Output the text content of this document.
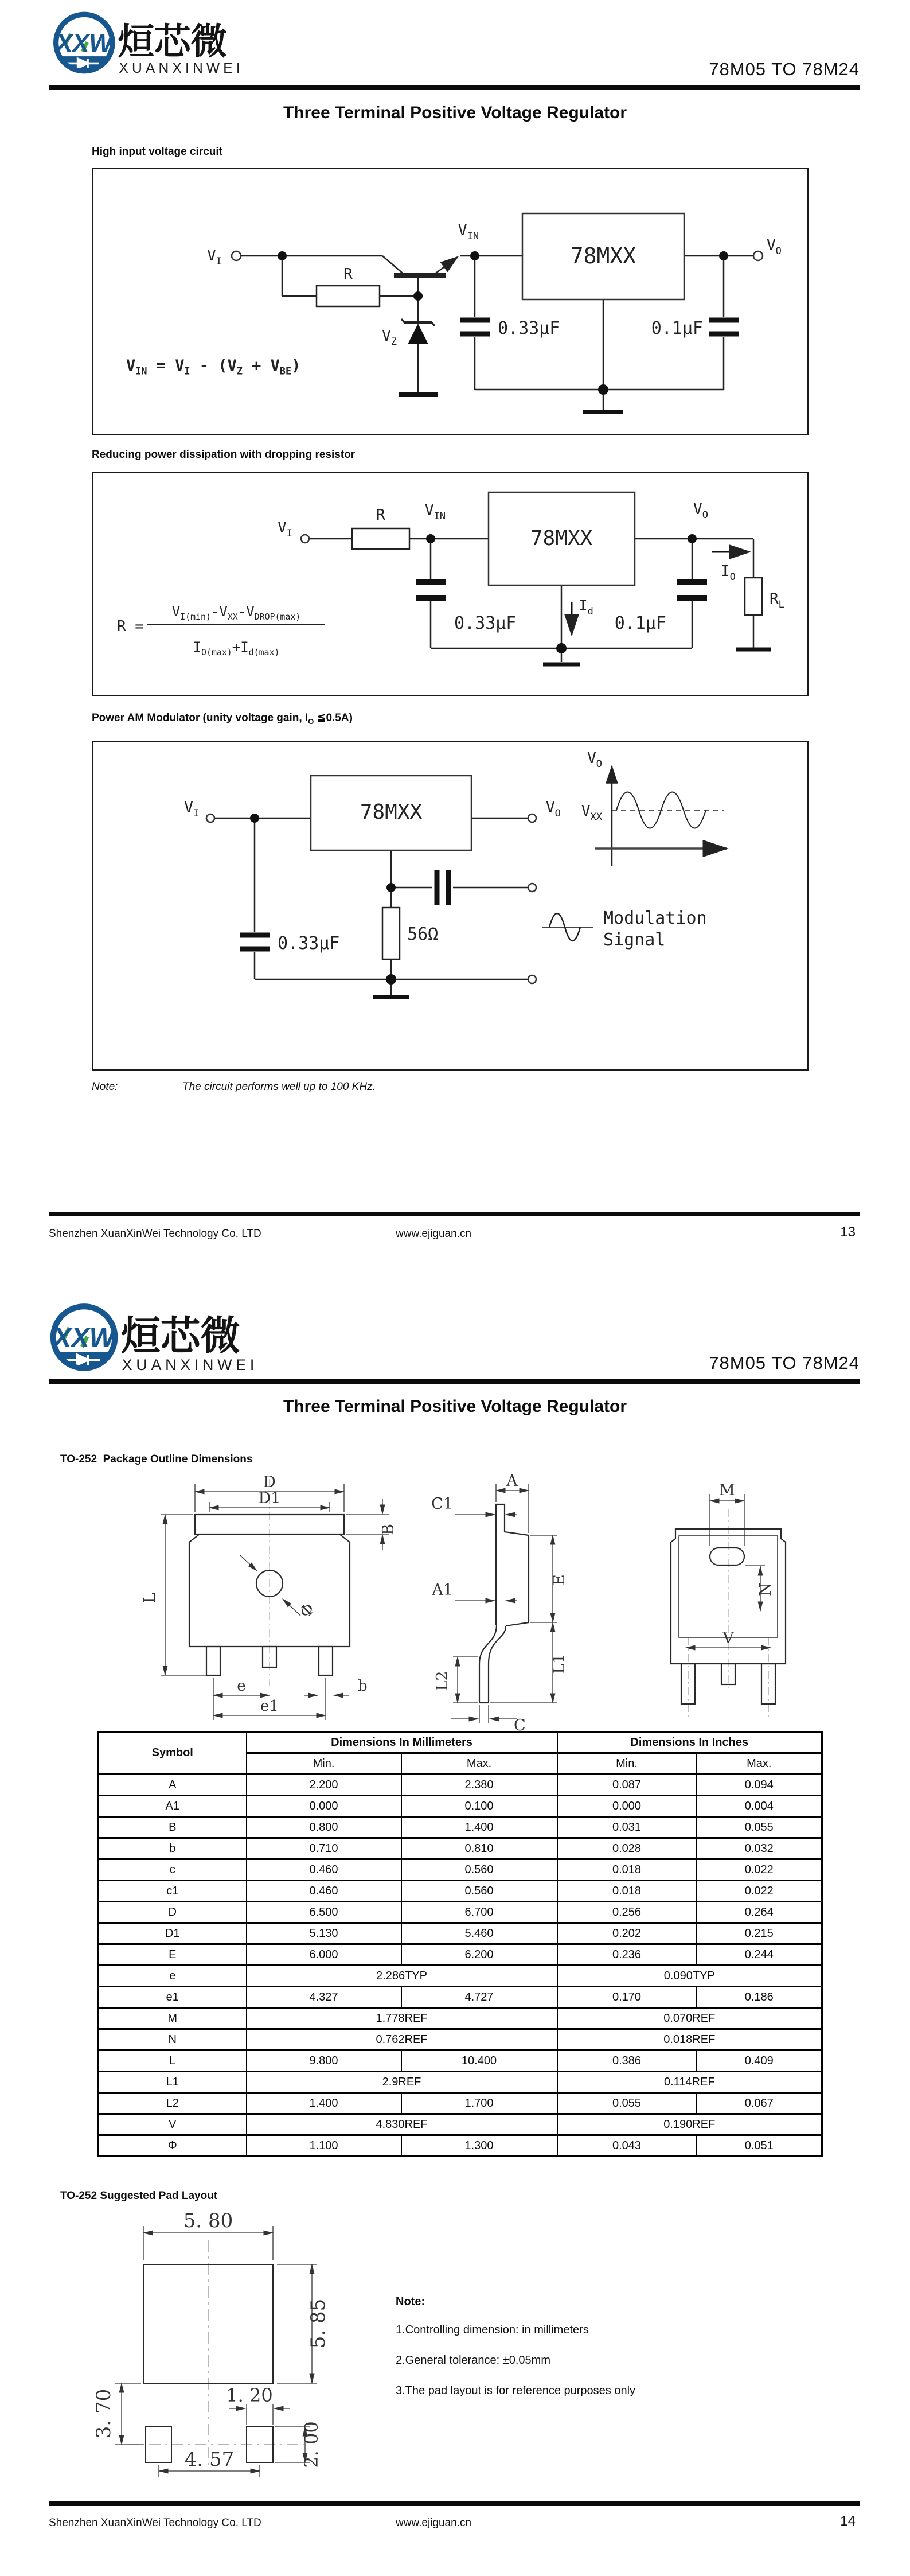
XXW 烜芯微
XUANXINWEI	78M05 TO 78M24
Three Terminal Positive Voltage Regulator
High input voltage circuit
$V_I$
$V_{IN}$
$V_O$
$V_Z$
R
78MXX
0.33μF	0.1μF
$V_{IN} = V_I - (V_Z + V_{BE})$
Reducing power dissipation with dropping resistor
$V_I$
R	$V_{IN}$
78MXX
$V_O$
$I_O$
$R_L$
0.33μF
$I_d$
0.1μF
R =
$V_{I(min)}-V_{XX}-V_{DROP(max)}$
$I_{O(max)}+I_{d(max)}$
Power AM Modulator (unity voltage gain, $I_O$ ≦0.5A)
$V_I$	78MXX	$V_O$
$V_O$
$V_{XX}$
0.33μF	56Ω
Modulation
Signal
Note:	The circuit performs well up to 100 KHz.
Shenzhen XuanXinWei Technology Co. LTD	www.ejiguan.cn	13
XXW 烜芯微
XUANXINWEI	78M05 TO 78M24
Three Terminal Positive Voltage Regulator
TO-252  Package Outline Dimensions
D
D1
B
L
Φ
e
e1
b
A
C1
A1
E
L1
L2
C
M
N
V
Symbol	Dimensions In Millimeters		Dimensions In Inches	
	Min.	Max.	Min.	Max.
A	2.200	2.380	0.087	0.094
A1	0.000	0.100	0.000	0.004
B	0.800	1.400	0.031	0.055
b	0.710	0.810	0.028	0.032
c	0.460	0.560	0.018	0.022
c1	0.460	0.560	0.018	0.022
D	6.500	6.700	0.256	0.264
D1	5.130	5.460	0.202	0.215
E	6.000	6.200	0.236	0.244
e	2.286TYP		0.090TYP	
e1	4.327	4.727	0.170	0.186
M	1.778REF		0.070REF	
N	0.762REF		0.018REF	
L	9.800	10.400	0.386	0.409
L1	2.9REF		0.114REF	
L2	1.400	1.700	0.055	0.067
V	4.830REF		0.190REF	
Φ	1.100	1.300	0.043	0.051
TO-252 Suggested Pad Layout
5. 80
5. 85
3. 70	1. 20
2. 00
4. 57
Note:
1.Controlling dimension: in millimeters
2.General tolerance: ±0.05mm
3.The pad layout is for reference purposes only
Shenzhen XuanXinWei Technology Co. LTD	www.ejiguan.cn	14
